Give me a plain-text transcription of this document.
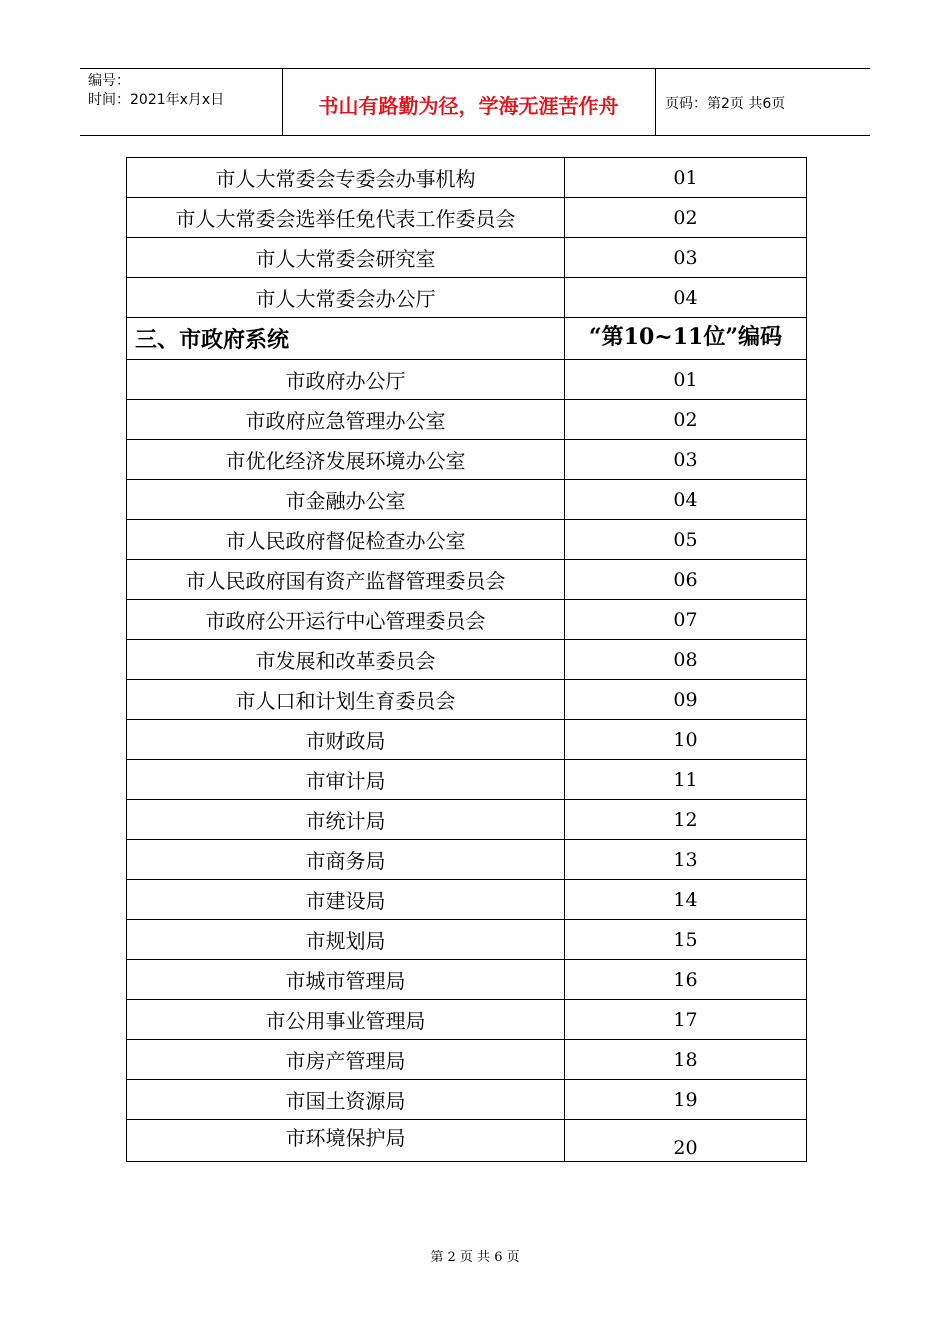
编号：
时间：2021年x月x日	书山有路勤为径，学海无涯苦作舟	页码：第2页 共6页
市人大常委会专委会办事机构	01
市人大常委会选举任免代表工作委员会	02
市人大常委会研究室	03
市人大常委会办公厅	04
三、市政府系统	“第10~11位”编码
市政府办公厅	01
市政府应急管理办公室	02
市优化经济发展环境办公室	03
市金融办公室	04
市人民政府督促检查办公室	05
市人民政府国有资产监督管理委员会	06
市政府公开运行中心管理委员会	07
市发展和改革委员会	08
市人口和计划生育委员会	09
市财政局	10
市审计局	11
市统计局	12
市商务局	13
市建设局	14
市规划局	15
市城市管理局	16
市公用事业管理局	17
市房产管理局	18
市国土资源局	19
市环境保护局	20
第 2 页 共 6 页
